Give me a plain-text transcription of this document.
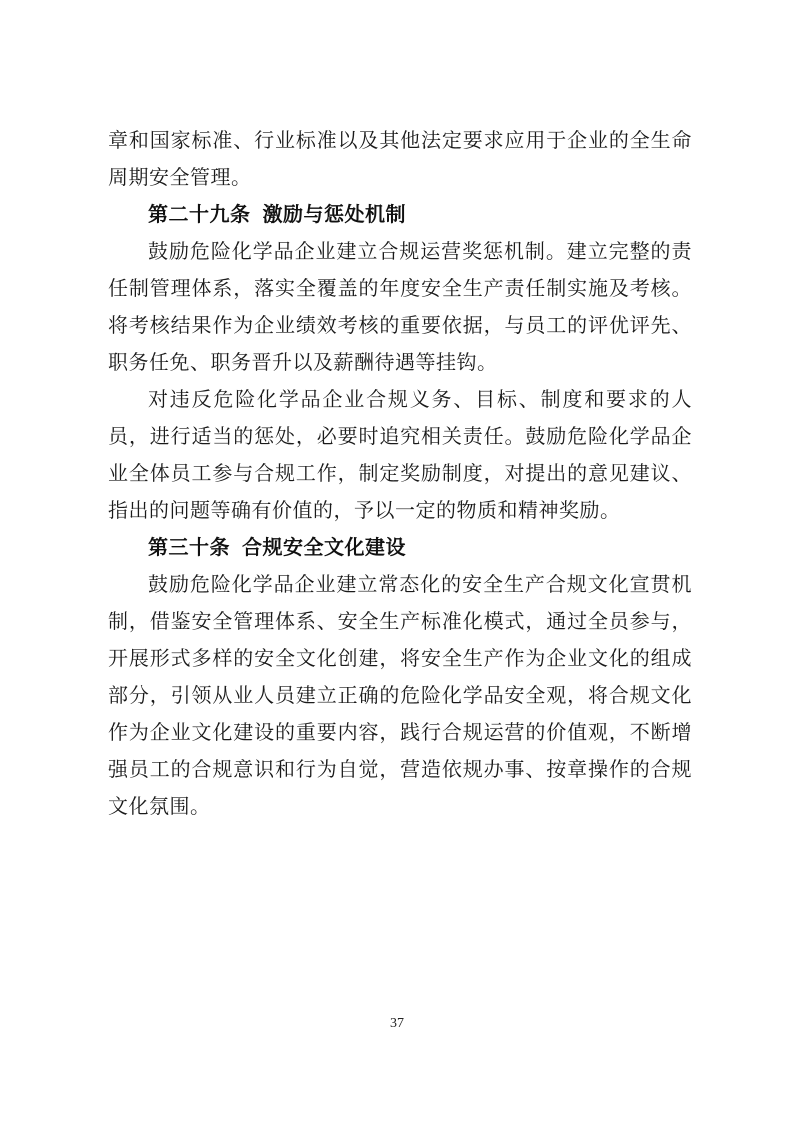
章和国家标准、行业标准以及其他法定要求应用于企业的全生命周期安全管理。

第二十九条 激励与惩处机制

鼓励危险化学品企业建立合规运营奖惩机制。建立完整的责任制管理体系，落实全覆盖的年度安全生产责任制实施及考核。将考核结果作为企业绩效考核的重要依据，与员工的评优评先、职务任免、职务晋升以及薪酬待遇等挂钩。

对违反危险化学品企业合规义务、目标、制度和要求的人员，进行适当的惩处，必要时追究相关责任。鼓励危险化学品企业全体员工参与合规工作，制定奖励制度，对提出的意见建议、指出的问题等确有价值的，予以一定的物质和精神奖励。

第三十条 合规安全文化建设

鼓励危险化学品企业建立常态化的安全生产合规文化宣贯机制，借鉴安全管理体系、安全生产标准化模式，通过全员参与，开展形式多样的安全文化创建，将安全生产作为企业文化的组成部分，引领从业人员建立正确的危险化学品安全观，将合规文化作为企业文化建设的重要内容，践行合规运营的价值观，不断增强员工的合规意识和行为自觉，营造依规办事、按章操作的合规文化氛围。

37
